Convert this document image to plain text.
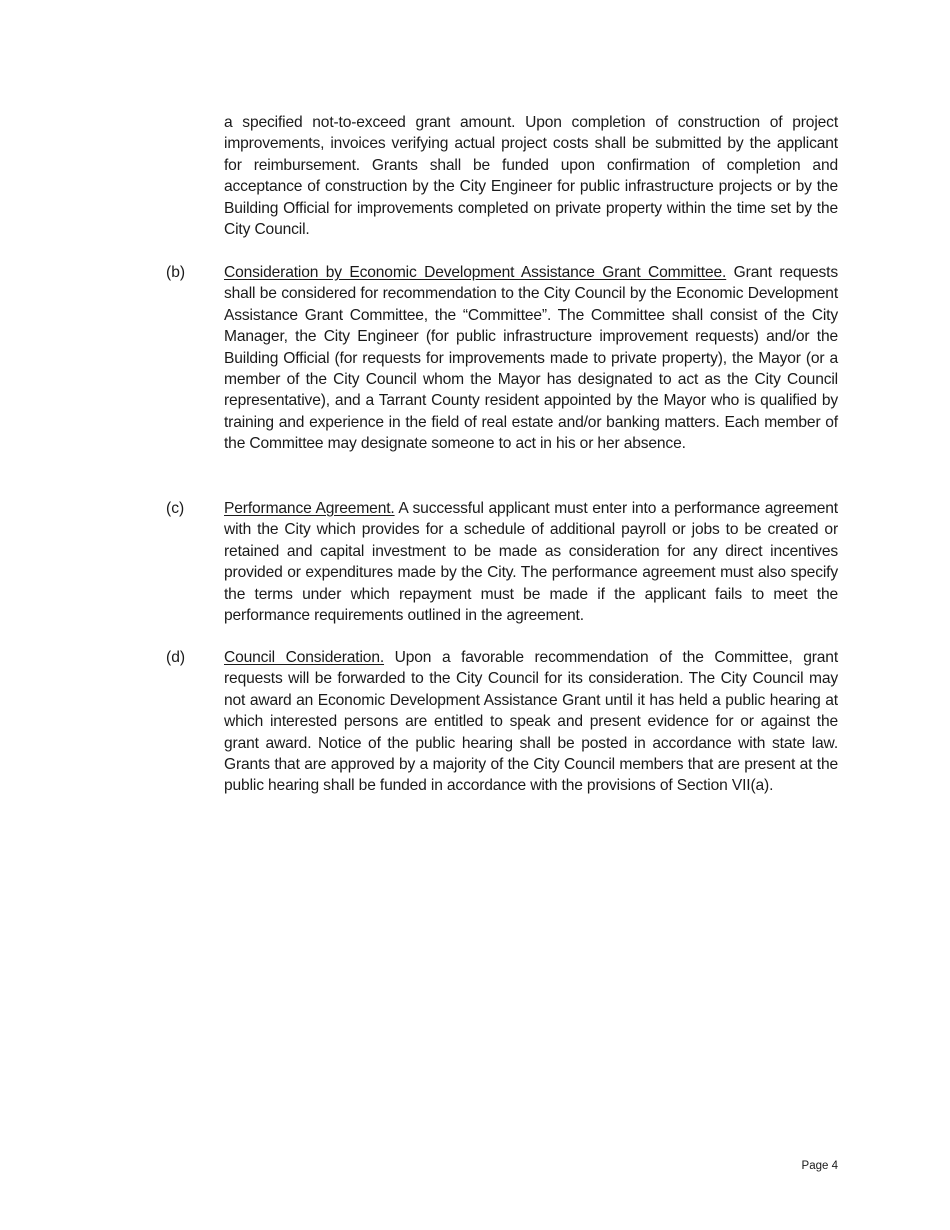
a specified not-to-exceed grant amount. Upon completion of construction of project improvements, invoices verifying actual project costs shall be submitted by the applicant for reimbursement. Grants shall be funded upon confirmation of completion and acceptance of construction by the City Engineer for public infrastructure projects or by the Building Official for improvements completed on private property within the time set by the City Council.
(b) Consideration by Economic Development Assistance Grant Committee. Grant requests shall be considered for recommendation to the City Council by the Economic Development Assistance Grant Committee, the “Committee”. The Committee shall consist of the City Manager, the City Engineer (for public infrastructure improvement requests) and/or the Building Official (for requests for improvements made to private property), the Mayor (or a member of the City Council whom the Mayor has designated to act as the City Council representative), and a Tarrant County resident appointed by the Mayor who is qualified by training and experience in the field of real estate and/or banking matters. Each member of the Committee may designate someone to act in his or her absence.
(c)	Performance Agreement. A successful applicant must enter into a performance agreement with the City which provides for a schedule of additional payroll or jobs to be created or retained and capital investment to be made as consideration for any direct incentives provided or expenditures made by the City. The performance agreement must also specify the terms under which repayment must be made if the applicant fails to meet the performance requirements outlined in the agreement.
(d) Council Consideration. Upon a favorable recommendation of the Committee, grant requests will be forwarded to the City Council for its consideration. The City Council may not award an Economic Development Assistance Grant until it has held a public hearing at which interested persons are entitled to speak and present evidence for or against the grant award. Notice of the public hearing shall be posted in accordance with state law. Grants that are approved by a majority of the City Council members that are present at the public hearing shall be funded in accordance with the provisions of Section VII(a).
Page 4
